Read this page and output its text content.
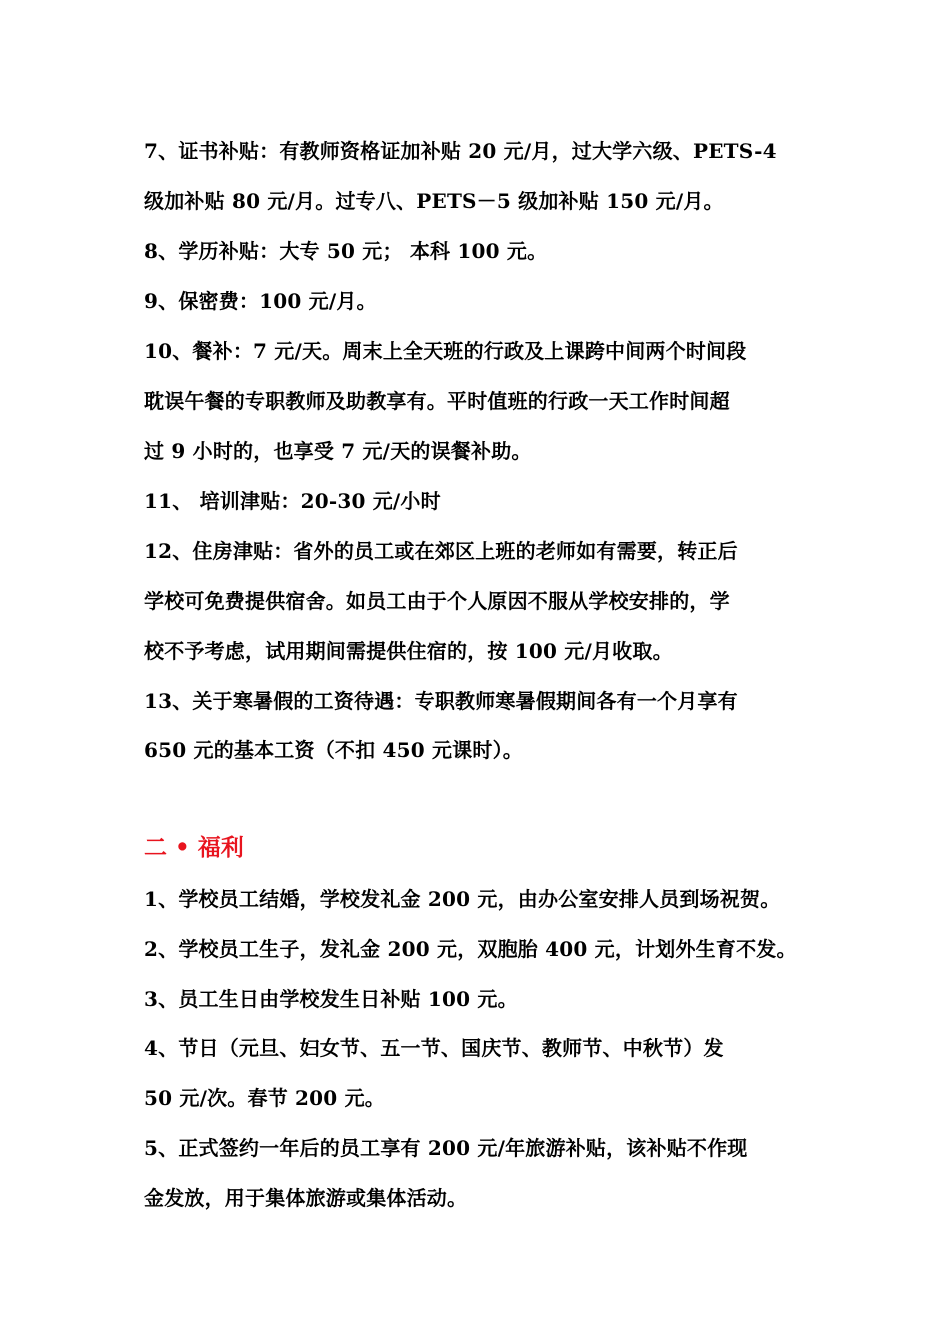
7、证书补贴：有教师资格证加补贴 20 元/月，过大学六级、PETS-4
级加补贴 80 元/月。过专八、PETS－5 级加补贴 150 元/月。
8、学历补贴：大专 50 元； 本科 100 元。
9、保密费：100 元/月。
10、餐补：7 元/天。周末上全天班的行政及上课跨中间两个时间段
耽误午餐的专职教师及助教享有。平时值班的行政一天工作时间超
过 9 小时的，也享受 7 元/天的误餐补助。
11、 培训津贴：20-30 元/小时
12、住房津贴：省外的员工或在郊区上班的老师如有需要，转正后
学校可免费提供宿舍。如员工由于个人原因不服从学校安排的，学
校不予考虑，试用期间需提供住宿的，按 100 元/月收取。
13、关于寒暑假的工资待遇：专职教师寒暑假期间各有一个月享有
650 元的基本工资（不扣 450 元课时）。
二 • 福利
1、学校员工结婚，学校发礼金 200 元，由办公室安排人员到场祝贺。
2、学校员工生子，发礼金 200 元，双胞胎 400 元，计划外生育不发。
3、员工生日由学校发生日补贴 100 元。
4、节日（元旦、妇女节、五一节、国庆节、教师节、中秋节）发
50 元/次。春节 200 元。
5、正式签约一年后的员工享有 200 元/年旅游补贴，该补贴不作现
金发放，用于集体旅游或集体活动。
